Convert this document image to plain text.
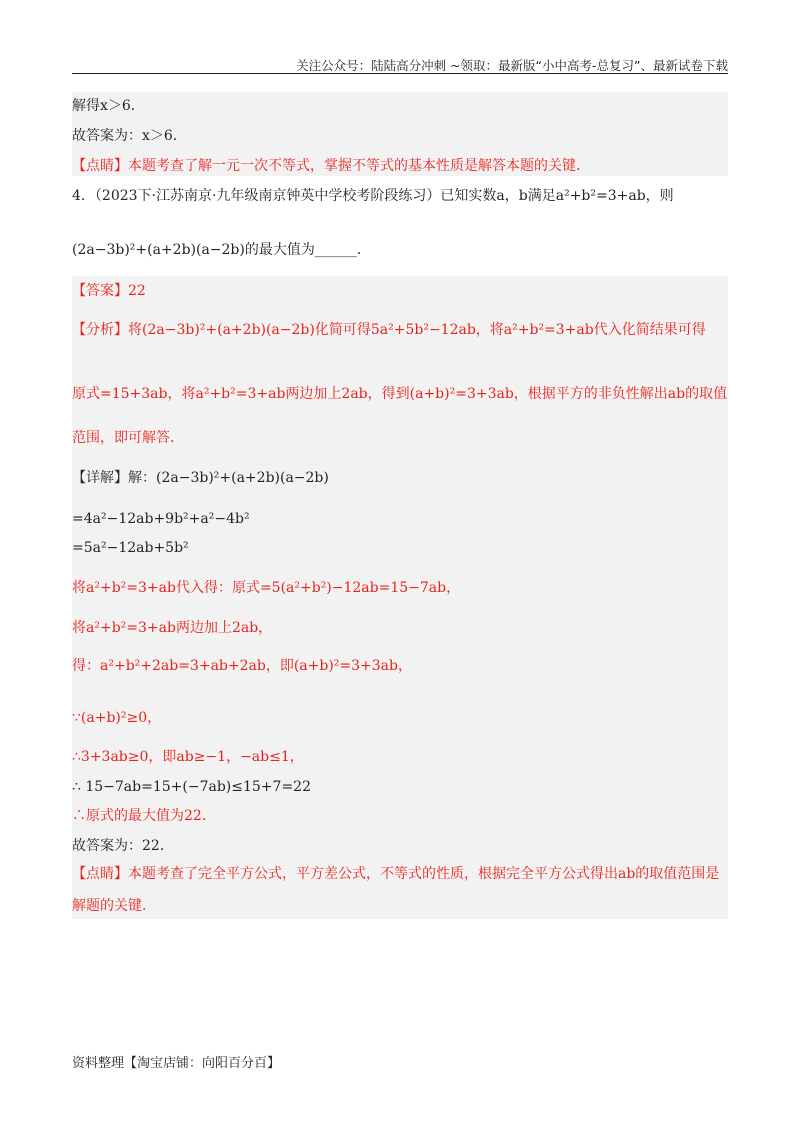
关注公众号：陆陆高分冲刺 ~领取：最新版“小中高考-总复习”、最新试卷下载
解得x＞6．
故答案为：x＞6．
【点睛】本题考查了解一元一次不等式，掌握不等式的基本性质是解答本题的关键．
4．（2023下·江苏南京·九年级南京钟英中学校考阶段练习）已知实数a，b满足a²+b²=3+ab，则
(2a−3b)²+(a+2b)(a−2b)的最大值为______．
【答案】22
【分析】将(2a−3b)²+(a+2b)(a−2b)化简可得5a²+5b²−12ab，将a²+b²=3+ab代入化简结果可得
原式=15+3ab，将a²+b²=3+ab两边加上2ab，得到(a+b)²=3+3ab，根据平方的非负性解出ab的取值
范围，即可解答．
【详解】解：(2a−3b)²+(a+2b)(a−2b)
=4a²−12ab+9b²+a²−4b²
=5a²−12ab+5b²
将a²+b²=3+ab代入得：原式=5(a²+b²)−12ab=15−7ab，
将a²+b²=3+ab两边加上2ab，
得：a²+b²+2ab=3+ab+2ab，即(a+b)²=3+3ab，
∵(a+b)²≥0，
∴3+3ab≥0，即ab≥−1，−ab≤1，
∴ 15−7ab=15+(−7ab)≤15+7=22
∴原式的最大值为22．
故答案为：22．
【点睛】本题考查了完全平方公式，平方差公式，不等式的性质，根据完全平方公式得出ab的取值范围是
解题的关键．
资料整理【淘宝店铺：向阳百分百】
